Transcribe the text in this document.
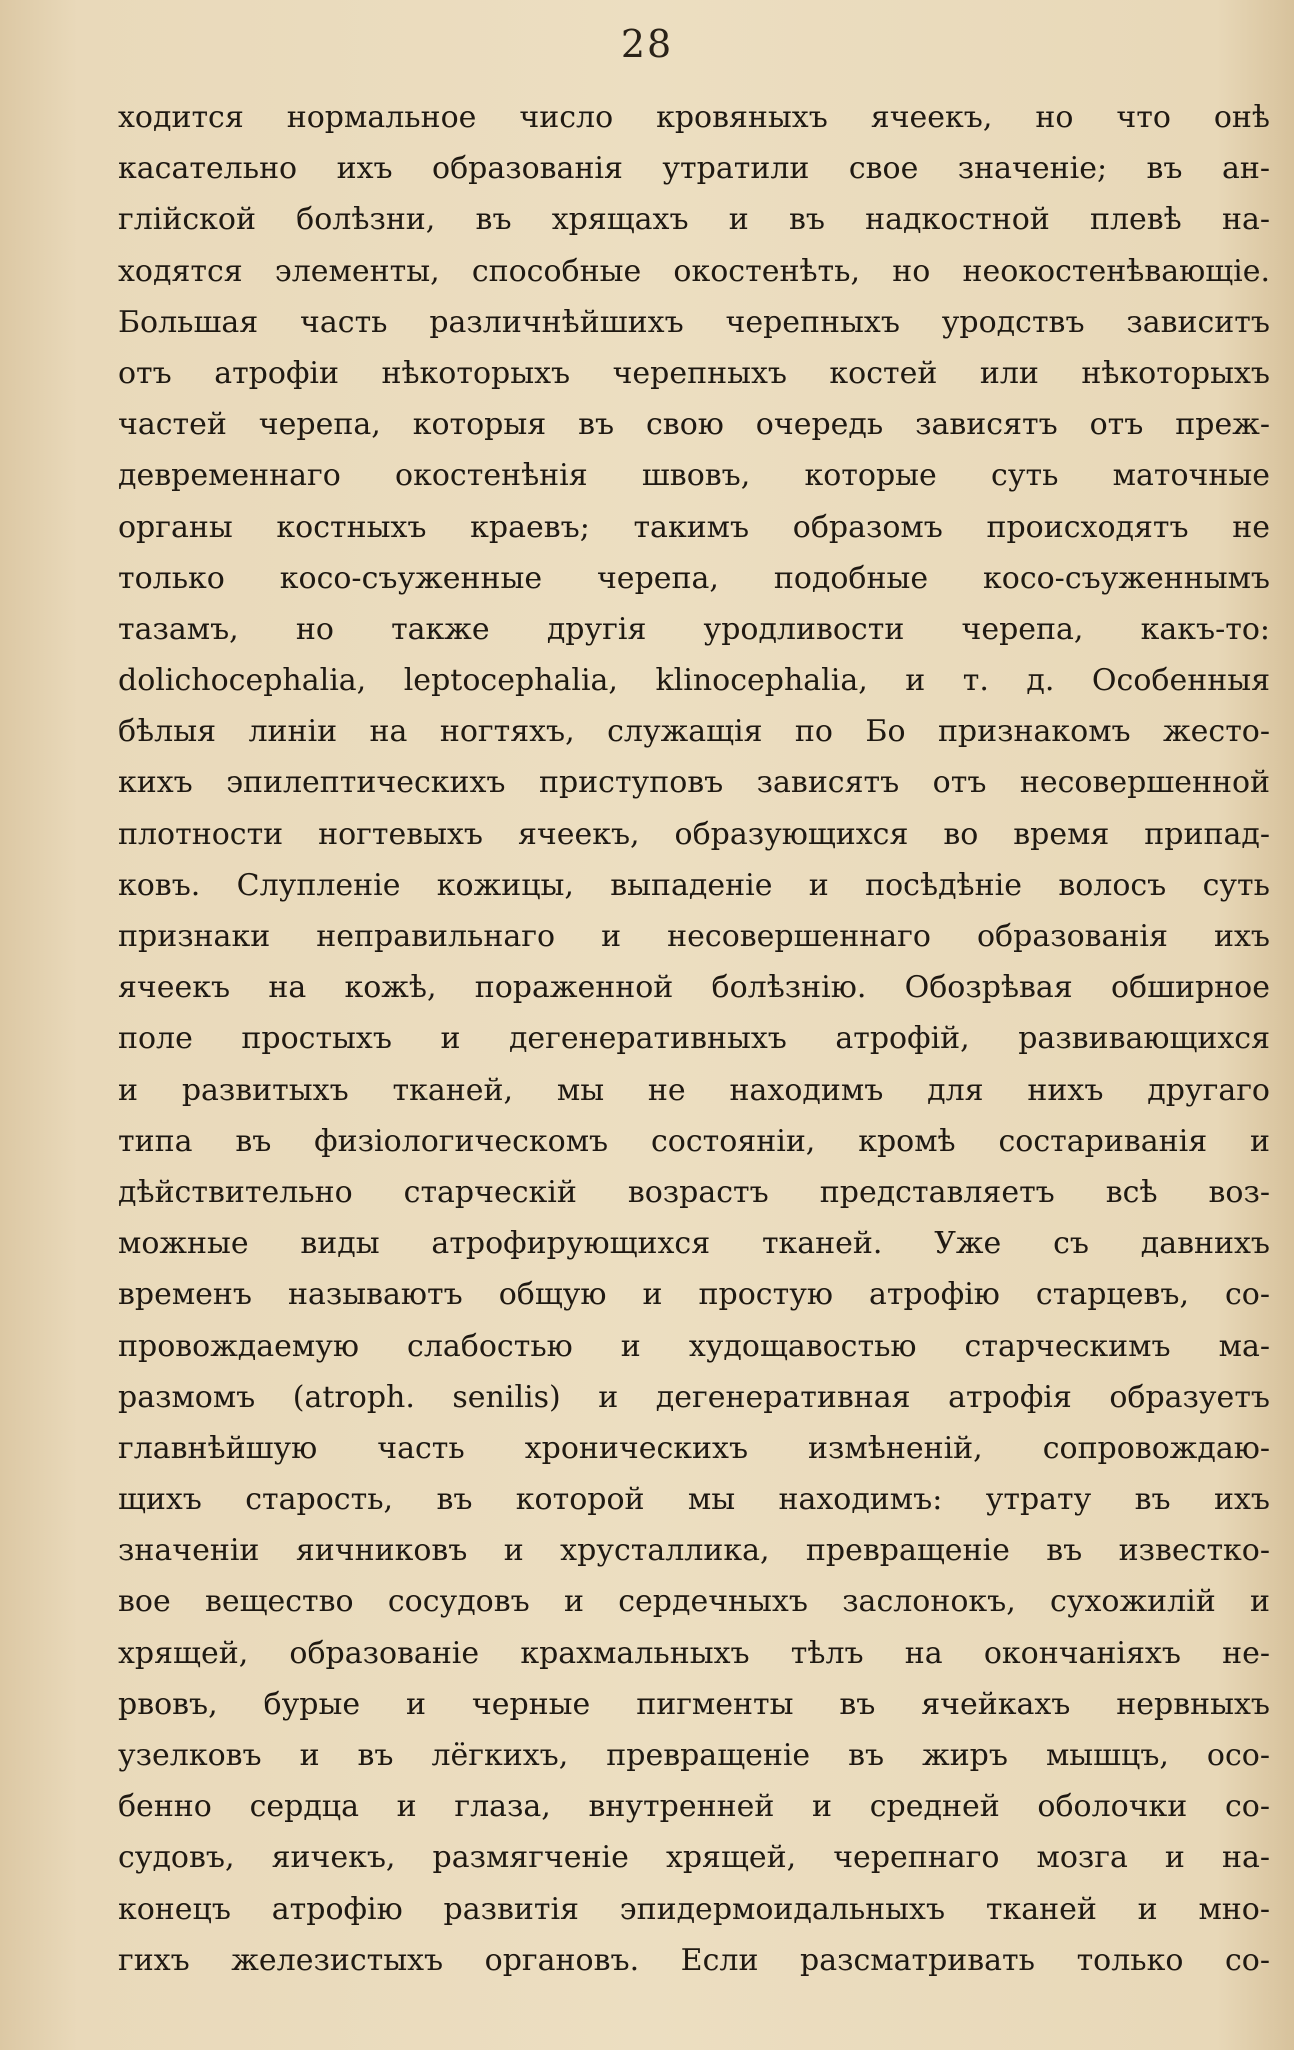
28
ходится нормальное число кровяныхъ ячеекъ, но что онѣ
касательно ихъ образованія утратили свое значеніе; въ ан-
глійской болѣзни, въ хрящахъ и въ надкостной плевѣ на-
ходятся элементы, способные окостенѣть, но неокостенѣвающіе.
Большая часть различнѣйшихъ черепныхъ уродствъ зависитъ
отъ атрофіи нѣкоторыхъ черепныхъ костей или нѣкоторыхъ
частей черепа, которыя въ свою очередь зависятъ отъ преж-
девременнаго окостенѣнія швовъ, которые суть маточные
органы костныхъ краевъ; такимъ образомъ происходятъ не
только косо-съуженные черепа, подобные косо-съуженнымъ
тазамъ, но также другія уродливости черепа, какъ-то:
dolichocephalia, leptocephalia, klinocephalia, и т. д. Особенныя
бѣлыя линіи на ногтяхъ, служащія по Бо признакомъ жесто-
кихъ эпилептическихъ приступовъ зависятъ отъ несовершенной
плотности ногтевыхъ ячеекъ, образующихся во время припад-
ковъ. Слупленіе кожицы, выпаденіе и посѣдѣніе волосъ суть
признаки неправильнаго и несовершеннаго образованія ихъ
ячеекъ на кожѣ, пораженной болѣзнію. Обозрѣвая обширное
поле простыхъ и дегенеративныхъ атрофій, развивающихся
и развитыхъ тканей, мы не находимъ для нихъ другаго
типа въ физіологическомъ состояніи, кромѣ состариванія и
дѣйствительно старческій возрастъ представляетъ всѣ воз-
можные виды атрофирующихся тканей. Уже съ давнихъ
временъ называютъ общую и простую атрофію старцевъ, со-
провождаемую слабостью и худощавостью старческимъ ма-
размомъ (atroph. senilis) и дегенеративная атрофія образуетъ
главнѣйшую часть хроническихъ измѣненій, сопровождаю-
щихъ старость, въ которой мы находимъ: утрату въ ихъ
значеніи яичниковъ и хрусталлика, превращеніе въ известко-
вое вещество сосудовъ и сердечныхъ заслонокъ, сухожилій и
хрящей, образованіе крахмальныхъ тѣлъ на окончаніяхъ не-
рвовъ, бурые и черные пигменты въ ячейкахъ нервныхъ
узелковъ и въ лёгкихъ, превращеніе въ жиръ мышцъ, осо-
бенно сердца и глаза, внутренней и средней оболочки со-
судовъ, яичекъ, размягченіе хрящей, черепнаго мозга и на-
конецъ атрофію развитія эпидермоидальныхъ тканей и мно-
гихъ железистыхъ органовъ. Если разсматривать только со-
